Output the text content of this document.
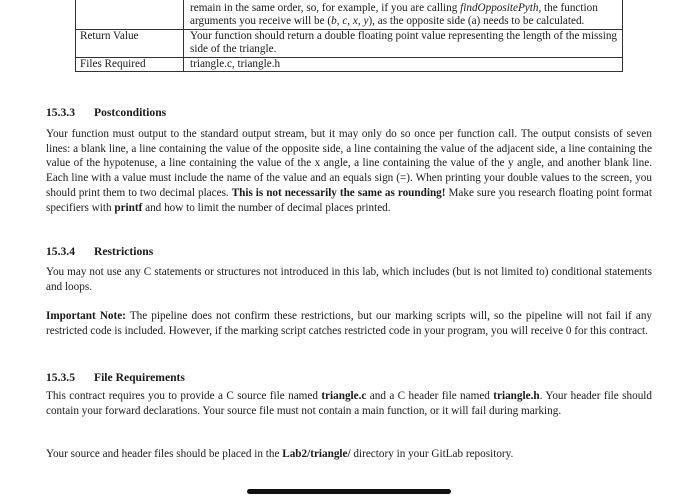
	remain in the same order, so, for example, if you are calling findOppositePyth, the function arguments you receive will be (b, c, x, y), as the opposite side (a) needs to be calculated.
Return Value	Your function should return a double floating point value representing the length of the missing side of the triangle.
Files Required	triangle.c, triangle.h
15.3.3 Postconditions
Your function must output to the standard output stream, but it may only do so once per function call. The output consists of seven lines: a blank line, a line containing the value of the opposite side, a line containing the value of the adjacent side, a line containing the value of the hypotenuse, a line containing the value of the x angle, a line containing the value of the y angle, and another blank line. Each line with a value must include the name of the value and an equals sign (=). When printing your double values to the screen, you should print them to two decimal places. This is not necessarily the same as rounding! Make sure you research floating point format specifiers with printf and how to limit the number of decimal places printed.
15.3.4 Restrictions
You may not use any C statements or structures not introduced in this lab, which includes (but is not limited to) conditional statements and loops.
Important Note: The pipeline does not confirm these restrictions, but our marking scripts will, so the pipeline will not fail if any restricted code is included. However, if the marking script catches restricted code in your program, you will receive 0 for this contract.
15.3.5 File Requirements
This contract requires you to provide a C source file named triangle.c and a C header file named triangle.h. Your header file should contain your forward declarations. Your source file must not contain a main function, or it will fail during marking.
Your source and header files should be placed in the Lab2/triangle/ directory in your GitLab repository.
